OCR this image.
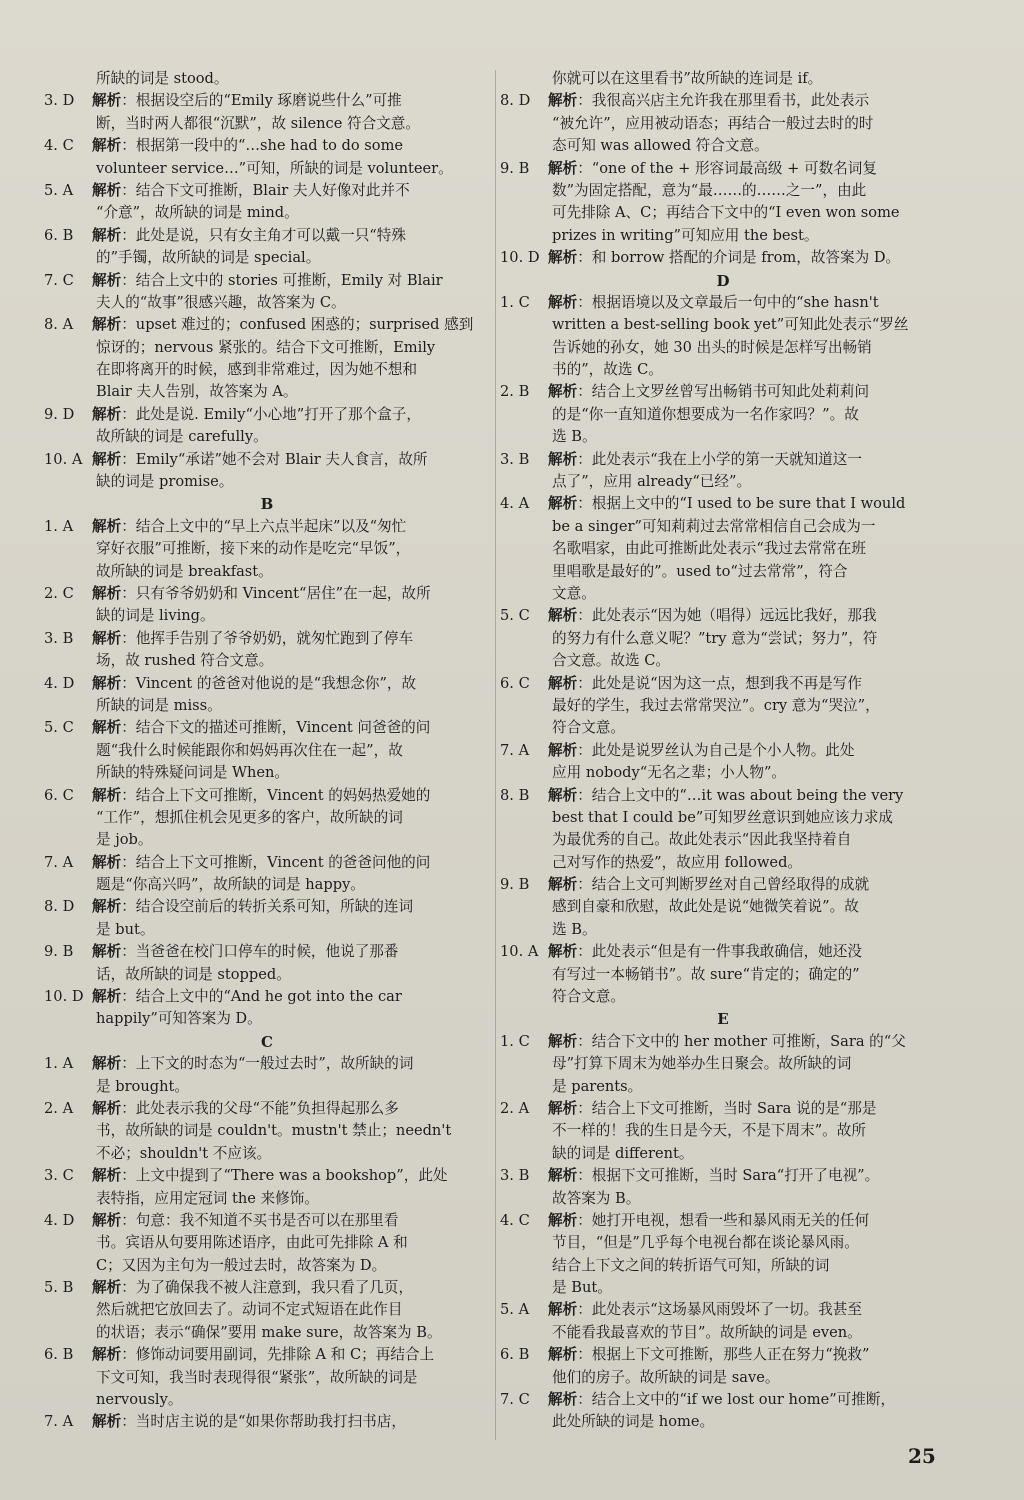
所缺的词是 stood。
3. D 解析：根据设空后的“Emily 琢磨说些什么”可推
断，当时两人都很“沉默”，故 silence 符合文意。
4. C 解析：根据第一段中的“…she had to do some
volunteer service…”可知，所缺的词是 volunteer。
5. A 解析：结合下文可推断，Blair 夫人好像对此并不
“介意”，故所缺的词是 mind。
6. B 解析：此处是说，只有女主角才可以戴一只“特殊
的”手镯，故所缺的词是 special。
7. C 解析：结合上文中的 stories 可推断，Emily 对 Blair
夫人的“故事”很感兴趣，故答案为 C。
8. A 解析：upset 难过的；confused 困惑的；surprised 感到
惊讶的；nervous 紧张的。结合下文可推断，Emily
在即将离开的时候，感到非常难过，因为她不想和
Blair 夫人告别，故答案为 A。
9. D 解析：此处是说. Emily“小心地”打开了那个盒子，
故所缺的词是 carefully。
10. A 解析：Emily“承诺”她不会对 Blair 夫人食言，故所
缺的词是 promise。
B
1. A 解析：结合上文中的“早上六点半起床”以及“匆忙
穿好衣服”可推断，接下来的动作是吃完“早饭”，
故所缺的词是 breakfast。
2. C 解析：只有爷爷奶奶和 Vincent“居住”在一起，故所
缺的词是 living。
3. B 解析：他挥手告别了爷爷奶奶，就匆忙跑到了停车
场，故 rushed 符合文意。
4. D 解析：Vincent 的爸爸对他说的是“我想念你”，故
所缺的词是 miss。
5. C 解析：结合下文的描述可推断，Vincent 问爸爸的问
题“我什么时候能跟你和妈妈再次住在一起”，故
所缺的特殊疑问词是 When。
6. C 解析：结合上下文可推断，Vincent 的妈妈热爱她的
“工作”，想抓住机会见更多的客户，故所缺的词
是 job。
7. A 解析：结合上下文可推断，Vincent 的爸爸问他的问
题是“你高兴吗”，故所缺的词是 happy。
8. D 解析：结合设空前后的转折关系可知，所缺的连词
是 but。
9. B 解析：当爸爸在校门口停车的时候，他说了那番
话，故所缺的词是 stopped。
10. D 解析：结合上文中的“And he got into the car
happily”可知答案为 D。
C
1. A 解析：上下文的时态为“一般过去时”，故所缺的词
是 brought。
2. A 解析：此处表示我的父母“不能”负担得起那么多
书，故所缺的词是 couldn't。mustn't 禁止；needn't
不必；shouldn't 不应该。
3. C 解析：上文中提到了“There was a bookshop”，此处
表特指，应用定冠词 the 来修饰。
4. D 解析：句意：我不知道不买书是否可以在那里看
书。宾语从句要用陈述语序，由此可先排除 A 和
C；又因为主句为一般过去时，故答案为 D。
5. B 解析：为了确保我不被人注意到，我只看了几页，
然后就把它放回去了。动词不定式短语在此作目
的状语；表示“确保”要用 make sure，故答案为 B。
6. B 解析：修饰动词要用副词，先排除 A 和 C；再结合上
下文可知，我当时表现得很“紧张”，故所缺的词是
nervously。
7. A 解析：当时店主说的是“如果你帮助我打扫书店，
你就可以在这里看书”故所缺的连词是 if。
8. D 解析：我很高兴店主允许我在那里看书，此处表示
“被允许”，应用被动语态；再结合一般过去时的时
态可知 was allowed 符合文意。
9. B 解析：“one of the + 形容词最高级 + 可数名词复
数”为固定搭配，意为“最……的……之一”，由此
可先排除 A、C；再结合下文中的“I even won some
prizes in writing”可知应用 the best。
10. D 解析：和 borrow 搭配的介词是 from，故答案为 D。
D
1. C 解析：根据语境以及文章最后一句中的“she hasn't
written a best-selling book yet”可知此处表示“罗丝
告诉她的孙女，她 30 出头的时候是怎样写出畅销
书的”，故选 C。
2. B 解析：结合上文罗丝曾写出畅销书可知此处莉莉问
的是“你一直知道你想要成为一名作家吗？”。故
选 B。
3. B 解析：此处表示“我在上小学的第一天就知道这一
点了”，应用 already“已经”。
4. A 解析：根据上文中的“I used to be sure that I would
be a singer”可知莉莉过去常常相信自己会成为一
名歌唱家，由此可推断此处表示“我过去常常在班
里唱歌是最好的”。used to“过去常常”，符合
文意。
5. C 解析：此处表示“因为她（唱得）远远比我好，那我
的努力有什么意义呢？”try 意为“尝试；努力”，符
合文意。故选 C。
6. C 解析：此处是说“因为这一点，想到我不再是写作
最好的学生，我过去常常哭泣”。cry 意为“哭泣”，
符合文意。
7. A 解析：此处是说罗丝认为自己是个小人物。此处
应用 nobody“无名之辈；小人物”。
8. B 解析：结合上文中的“…it was about being the very
best that I could be”可知罗丝意识到她应该力求成
为最优秀的自己。故此处表示“因此我坚持着自
己对写作的热爱”，故应用 followed。
9. B 解析：结合上文可判断罗丝对自己曾经取得的成就
感到自豪和欣慰，故此处是说“她微笑着说”。故
选 B。
10. A 解析：此处表示“但是有一件事我敢确信，她还没
有写过一本畅销书”。故 sure“肯定的；确定的”
符合文意。
E
1. C 解析：结合下文中的 her mother 可推断，Sara 的“父
母”打算下周末为她举办生日聚会。故所缺的词
是 parents。
2. A 解析：结合上下文可推断，当时 Sara 说的是“那是
不一样的！我的生日是今天，不是下周末”。故所
缺的词是 different。
3. B 解析：根据下文可推断，当时 Sara“打开了电视”。
故答案为 B。
4. C 解析：她打开电视，想看一些和暴风雨无关的任何
节目，“但是”几乎每个电视台都在谈论暴风雨。
结合上下文之间的转折语气可知，所缺的词
是 But。
5. A 解析：此处表示“这场暴风雨毁坏了一切。我甚至
不能看我最喜欢的节目”。故所缺的词是 even。
6. B 解析：根据上下文可推断，那些人正在努力“挽救”
他们的房子。故所缺的词是 save。
7. C 解析：结合上文中的“if we lost our home”可推断，
此处所缺的词是 home。
25
